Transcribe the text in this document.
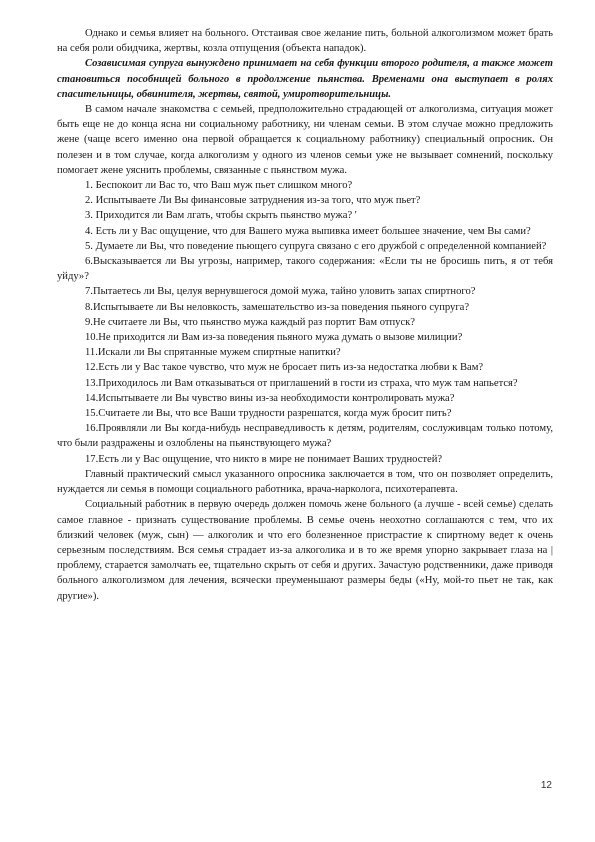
Однако и семья влияет на больного. Отстаивая свое желание пить, больной алкоголизмом может брать на себя роли обидчика, жертвы, козла отпущения (объекта нападок).

Созависимая супруга вынуждено принимает на себя функции второго родителя, а также может становиться пособницей больного в продолжение пьянства. Временами она выступает в ролях спасительницы, обвинителя, жертвы, святой, умиротворительницы.

В самом начале знакомства с семьей, предположительно страдающей от алкоголизма, ситуация может быть еще не до конца ясна ни социальному работнику, ни членам семьи. В этом случае можно предложить жене (чаще всего именно она первой обращается к социальному работнику) специальный опросник. Он полезен и в том случае, когда алкоголизм у одного из членов семьи уже не вызывает сомнений, поскольку помогает жене уяснить проблемы, связанные с пьянством мужа.

1. Беспокоит ли Вас то, что Ваш муж пьет слишком много?

2. Испытываете Ли Вы финансовые затруднения из-за того, что муж пьет?

3. Приходится ли Вам лгать, чтобы скрыть пьянство мужа? '

4. Есть ли у Вас ощущение, что для Вашего мужа выпивка имеет большее значение, чем Вы сами?

5. Думаете ли Вы, что поведение пьющего супруга связано с его дружбой с определенной компанией?

6.Высказывается ли Вы угрозы, например, такого содержания: «Если ты не бросишь пить, я от тебя уйду»?

7.Пытаетесь ли Вы, целуя вернувшегося домой мужа, тайно уловить запах спиртного?

8.Испытываете ли Вы неловкость, замешательство из-за поведения пьяного супруга?

9.Не считаете ли Вы, что пьянство мужа каждый раз портит Вам отпуск?

10.Не приходится ли Вам из-за поведения пьяного мужа думать о вызове милиции?

11.Искали ли Вы спрятанные мужем спиртные напитки?

12.Есть ли у Вас такое чувство, что муж не бросает пить из-за недостатка любви к Вам?

13.Приходилось ли Вам отказываться от приглашений в гости из страха, что муж там напьется?

14.Испытываете ли Вы чувство вины из-за необходимости контролировать мужа?

15.Считаете ли Вы, что все Ваши трудности разрешатся, когда муж бросит пить?

16.Проявляли ли Вы когда-нибудь несправедливость к детям, родителям, сослуживцам только потому, что были раздражены и озлоблены на пьянствующего мужа?

17.Есть ли у Вас ощущение, что никто в мире не понимает Ваших трудностей?

Главный практический смысл указанного опросника заключается в том, что он позволяет определить, нуждается ли семья в помощи социального работника, врача-нарколога, психотерапевта.

Социальный работник в первую очередь должен помочь жене больного (а лучше - всей семье) сделать самое главное - признать существование проблемы. В семье очень неохотно соглашаются с тем, что их близкий человек (муж, сын) — алкоголик и что его болезненное пристрастие к спиртному ведет к очень серьезным последствиям. Вся семья страдает из-за алкоголика и в то же время упорно закрывает глаза на |проблему, старается замолчать ее, тщательно скрыть от себя и других. Зачастую родственники, даже приводя больного алкоголизмом для лечения, всячески преуменьшают размеры беды («Ну, мой-то пьет не так, как другие»).

12
